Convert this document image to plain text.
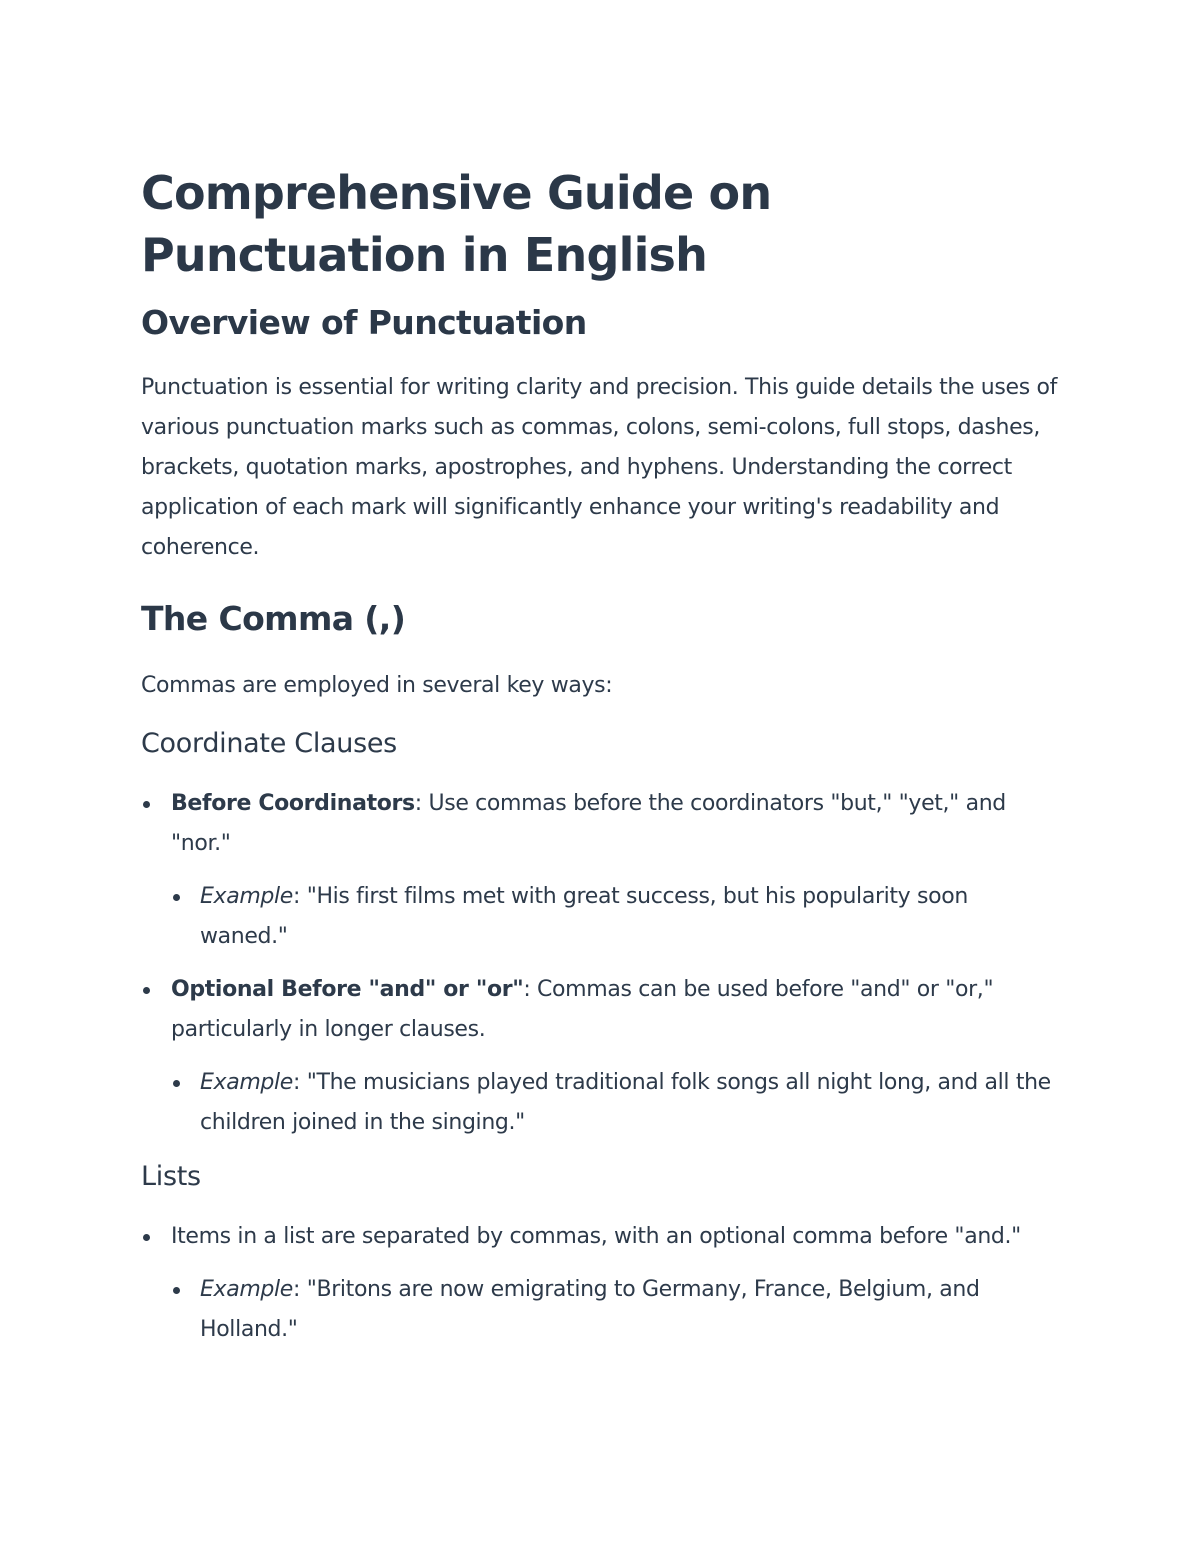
Comprehensive Guide on Punctuation in English
Overview of Punctuation

Punctuation is essential for writing clarity and precision. This guide details the uses of various punctuation marks such as commas, colons, semi-colons, full stops, dashes, brackets, quotation marks, apostrophes, and hyphens. Understanding the correct application of each mark will significantly enhance your writing's readability and coherence.

The Comma (,)

Commas are employed in several key ways:

Coordinate Clauses
Before Coordinators: Use commas before the coordinators "but," "yet," and "nor."
Example: "His first films met with great success, but his popularity soon waned."
Optional Before "and" or "or": Commas can be used before "and" or "or," particularly in longer clauses.
Example: "The musicians played traditional folk songs all night long, and all the children joined in the singing."
Lists
Items in a list are separated by commas, with an optional comma before "and."
Example: "Britons are now emigrating to Germany, France, Belgium, and Holland."
